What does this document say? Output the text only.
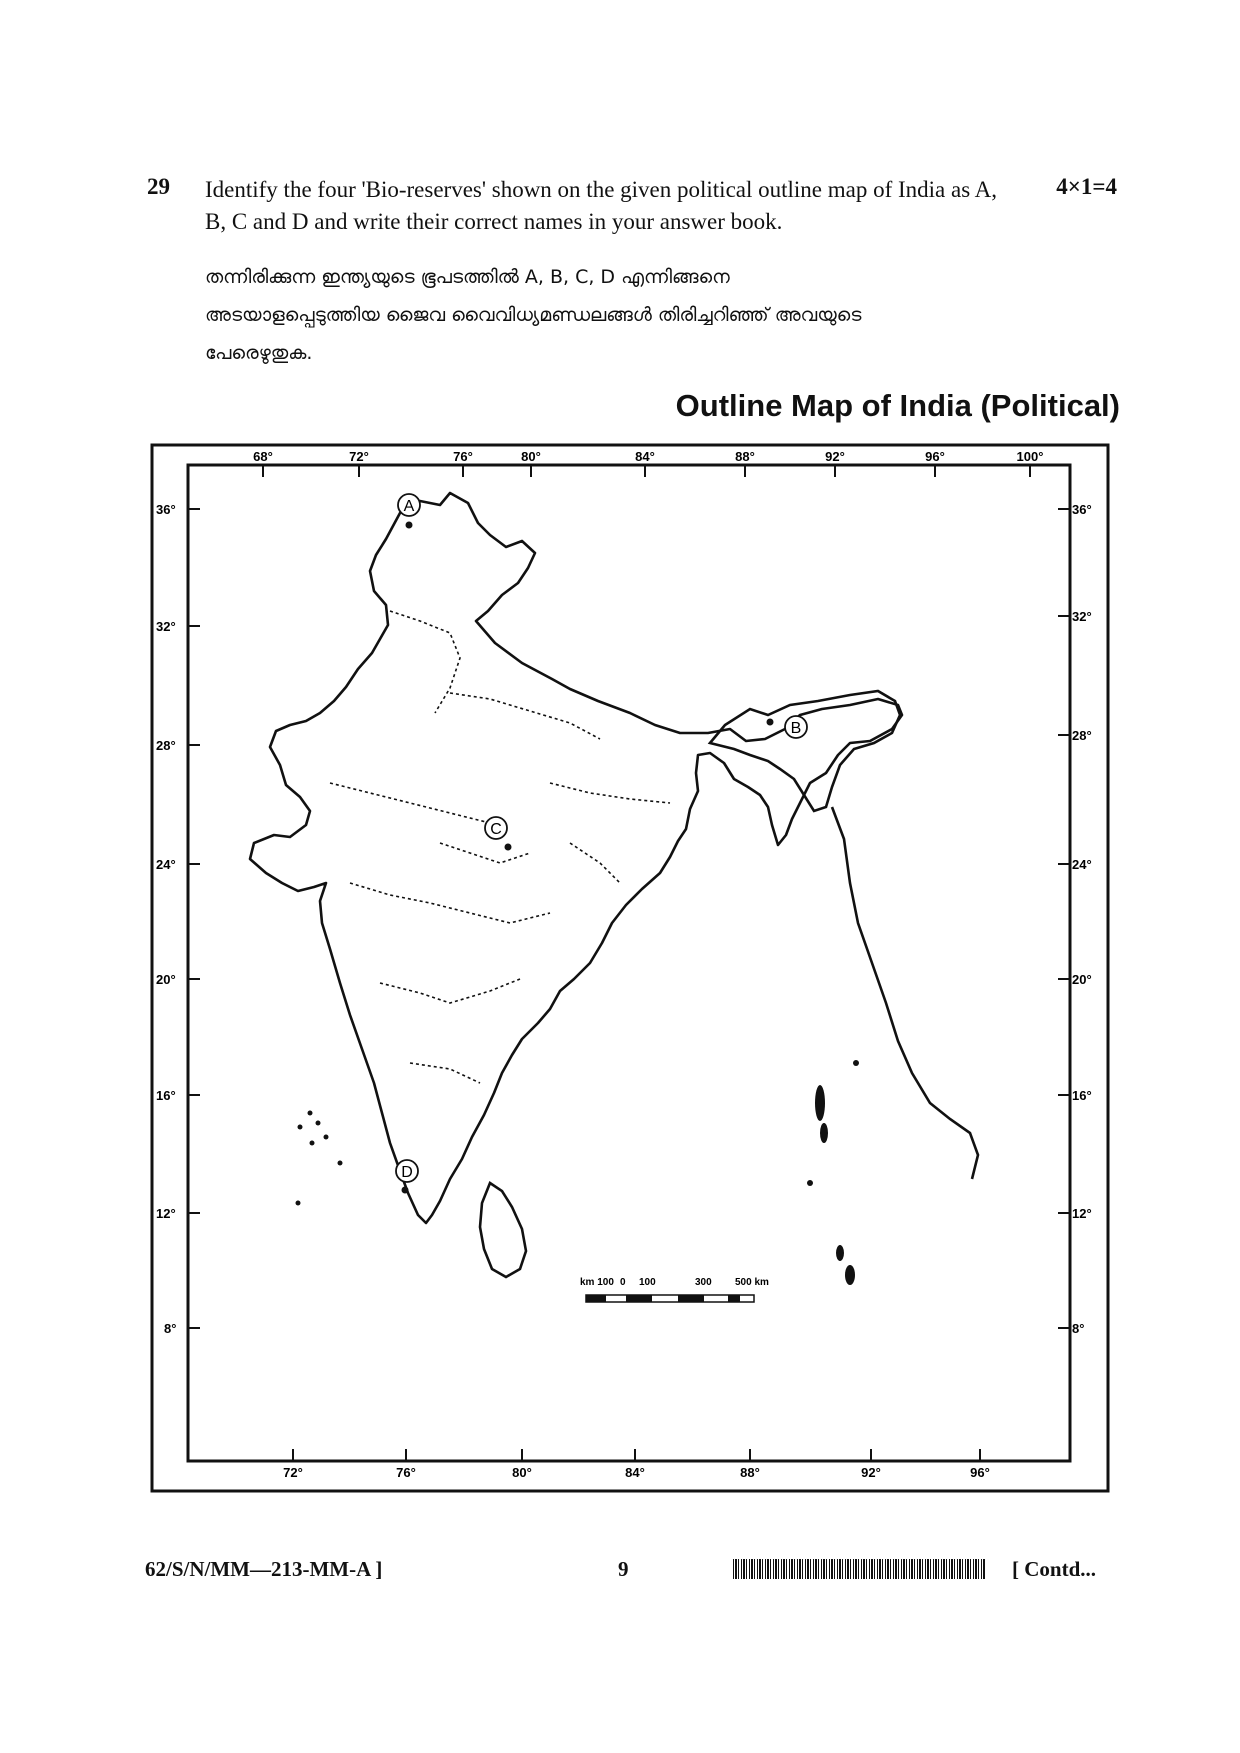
29 Identify the four 'Bio-reserves' shown on the given political outline map of India as A, B, C and D and write their correct names in your answer book.
4×1=4
തന്നിരിക്കുന്ന ഇന്ത്യയുടെ ഭൂപടത്തിൽ A, B, C, D എന്നിങ്ങനെ
അടയാളപ്പെടുത്തിയ ജൈവ വൈവിധ്യമണ്ഡലങ്ങൾ തിരിച്ചറിഞ്ഞ് അവയുടെ
പേരെഴുതുക.
Outline Map of India (Political)
68°	72°	76°	80°	84°	88°	92°	96°	100°
72°	76°	80°	84°	88°	92°	96°
36°
32°
28°
24°
20°
16°
12°
8°
36°
32°
28°
24°
20°
16°
12°
8°
A
B
C
D
km 100 0 100	300 500 km
62/S/N/MM—213-MM-A ]	9	[ Contd...
